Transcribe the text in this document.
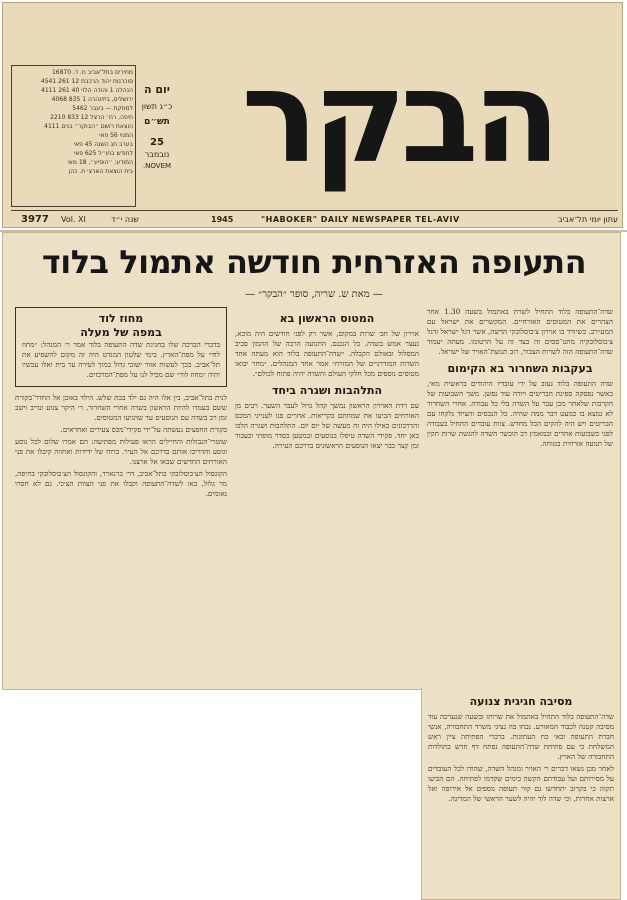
הבקר
מחירים בתל־אביב ח. ד. 16870
סוכרנות יהוד הרכבת 12 261 4541
הנהלה 1 והודה הלוי 40 261 4111
ירושלים, ביזינהרה 1 835 4068
למחקת — בעבר 5462
חיפה, רח׳ הרצל 12 833 2210
הוצאת רושם ״הבוקר״ בנים 4111
המנוי 56 פאי
בערב חג השנה 45 פאי
לחודש בחו״ל 625 פאי
המודע: ״הופיע״, 18 מאי
בית הוצאת הארצי ת. כהן
יום ה
כ״ג תשון
תש״ם
25
נובמבר
NOVEM.
3977 Vol. XI	שנה י״ד	1945	"HABOKER" DAILY NEWSPAPER TEL-AVIV	עתון יומי תל־אביב
התעופה האזרחית חודשה אתמול בלוד
— מאת ש. שריה, סופר ״הבקר״ —

שדה־התעופה בלוד התחיל לשרת באתמול בשעה 1.30 אחר הצהרים את המטוסים האזרחיים. המקשרים את ישראל עם המע״רב. כשיורד בו אוירון צ׳כוסלובקי הדשה, אשר דגל ישראל ודגל צ׳כוסלובקיה מתנו־ססים זה בצד זה על הרטומו. מעתה יעמוד שדה־התעופה הזה לשרות הצבור, רוב תנועת־האויר של ישראל.

בעקבות השחרור בא הקימום

שדה התעופה בלוד נעזב על ידי עובדיו היהודים בראשית מאי, כאשר נפסקה ספינת הבריטים ויורה עוד נפשן. משך השבועות של הקרבות שלאחר מכן עבר על השדה בלי כל עבודה. אחרי השחרור לא נמצא בו כמעט דבר ממה שהיה. כל הנכסים והציוד נלקחו עם הבריטים ויש היה להקים הכל מחדש. צוות עובדים התחיל בעבודה לפני כשבועות אחדים ובמאמץ רב הוכשר השדה להגשת שרות תקין של תנועה אזרחית בטוחה.

המטוס הראשון בא

אוירון של חב׳ שרות במקום, אשר רק לפני חודשים היה מוכא, נעצר אמש בשדה. כל הנכנס. התנועה הרבה של ההמון סביב המסלול ובאולם הקבלה. ״שדה־התעופה בלוד הוא מעתה אחד השדות המודרניים של המזרח״ אמר אחד המנהלים. ״מחר יבואו מטוסים נוספים מכל חלקי העולם והשדה יהיה פתוח לכולם״.

התלהבות ושגרה ביחד

עם רדת האוירון הראשון נמשך קהל גדול לעבר השער. רבים מן האורחים הביעו את שמחתם בקריאות. אחרים פנו לענייני המכס והדרכונים כאילו היה זה מעשה של יום יום. התלהבות ושגרה הלכו כאן יחד. פקידי השדה טיפלו בנוסעים ובמטען בסדר מופתי וכעבור זמן קצר כבר יצאו הנוסעים הראשונים בדרכם העירה.

מחוז לוד
במפה של מעלה

בדברי הברכה שלו בחגיגת שדה התעופה בלוד אמר ר׳ המנהל: ״מחוז לוד״ על מפת־הארץ. בימי שלטון המנדט היה זה מקום להשפיע את תל־אביב. בכך לעשות אזור ישובי גדול כמוך לעירה ער בית ואלו עכשיו יהיה ״מחוז לוד״ שם מכיל לנו על מפת־המרכזים.

לנית בתל־אביב, בין אלו היה גם ילד בכת שלש. הילד באובן אל החדר־בקורת ששם בעמדו להיות הראשון בשדה אחרי השחרור. ר׳ היקר צנוע ונדיב וישב זמן רב בשדה עם הנוסעים עד שהגיעו המטוסים.

בקורת החפצים נעשתה על־ידי פקידי־מכס צעירים ואחראים.

שוטרי־הגבולות והחיילים הראו פעילות מפתיעה: הם אמרו שלום לכל נוסע ונוסע והדריכו אותם בדרכם אל העיר. ברוח של ידידות ואחווה קיבלו את פני האורחים החדשים שבאו אל ארצנו.

הקונסול הצ׳כוסלובקי בתל־אביב, דר׳ ברנארד, והקונסול הצ׳כוסלובקי בחיפה, מר גלזל, באו לשדה־התעופה וקבלו את פני הצוות הצ׳כי. גם לא חסרו נאומים.

מסיבה חגיגית צנועה

שדה־התעופה בלוד התחיל באתמול את שרותו ובשעה שנערכה עוד מסיבה קטנה לכבוד המאורע. נכחו בה נציגי משרד התחבורה, אנשי חברת התעופה ובאי כח העתונות. בדברי הפתיחה ציין ראש המשלחת כי עם פתיחת שדה־התעופה נפתח דף חדש בתולדות התחבורה של הארץ.

לאחר מכן נשאו דברים ר׳ האויר ומנהל השדה, שהודו לכל העובדים על מסירותם ועל עבודתם הקשה בימים שקדמו לפתיחה. הם הביעו תקוה כי בקרוב יתחדשו גם קווי תעופה נוספים אל אירופה ואל ארצות אחרות, וכי שדה לוד יהיה לשער הראשי של המדינה.
